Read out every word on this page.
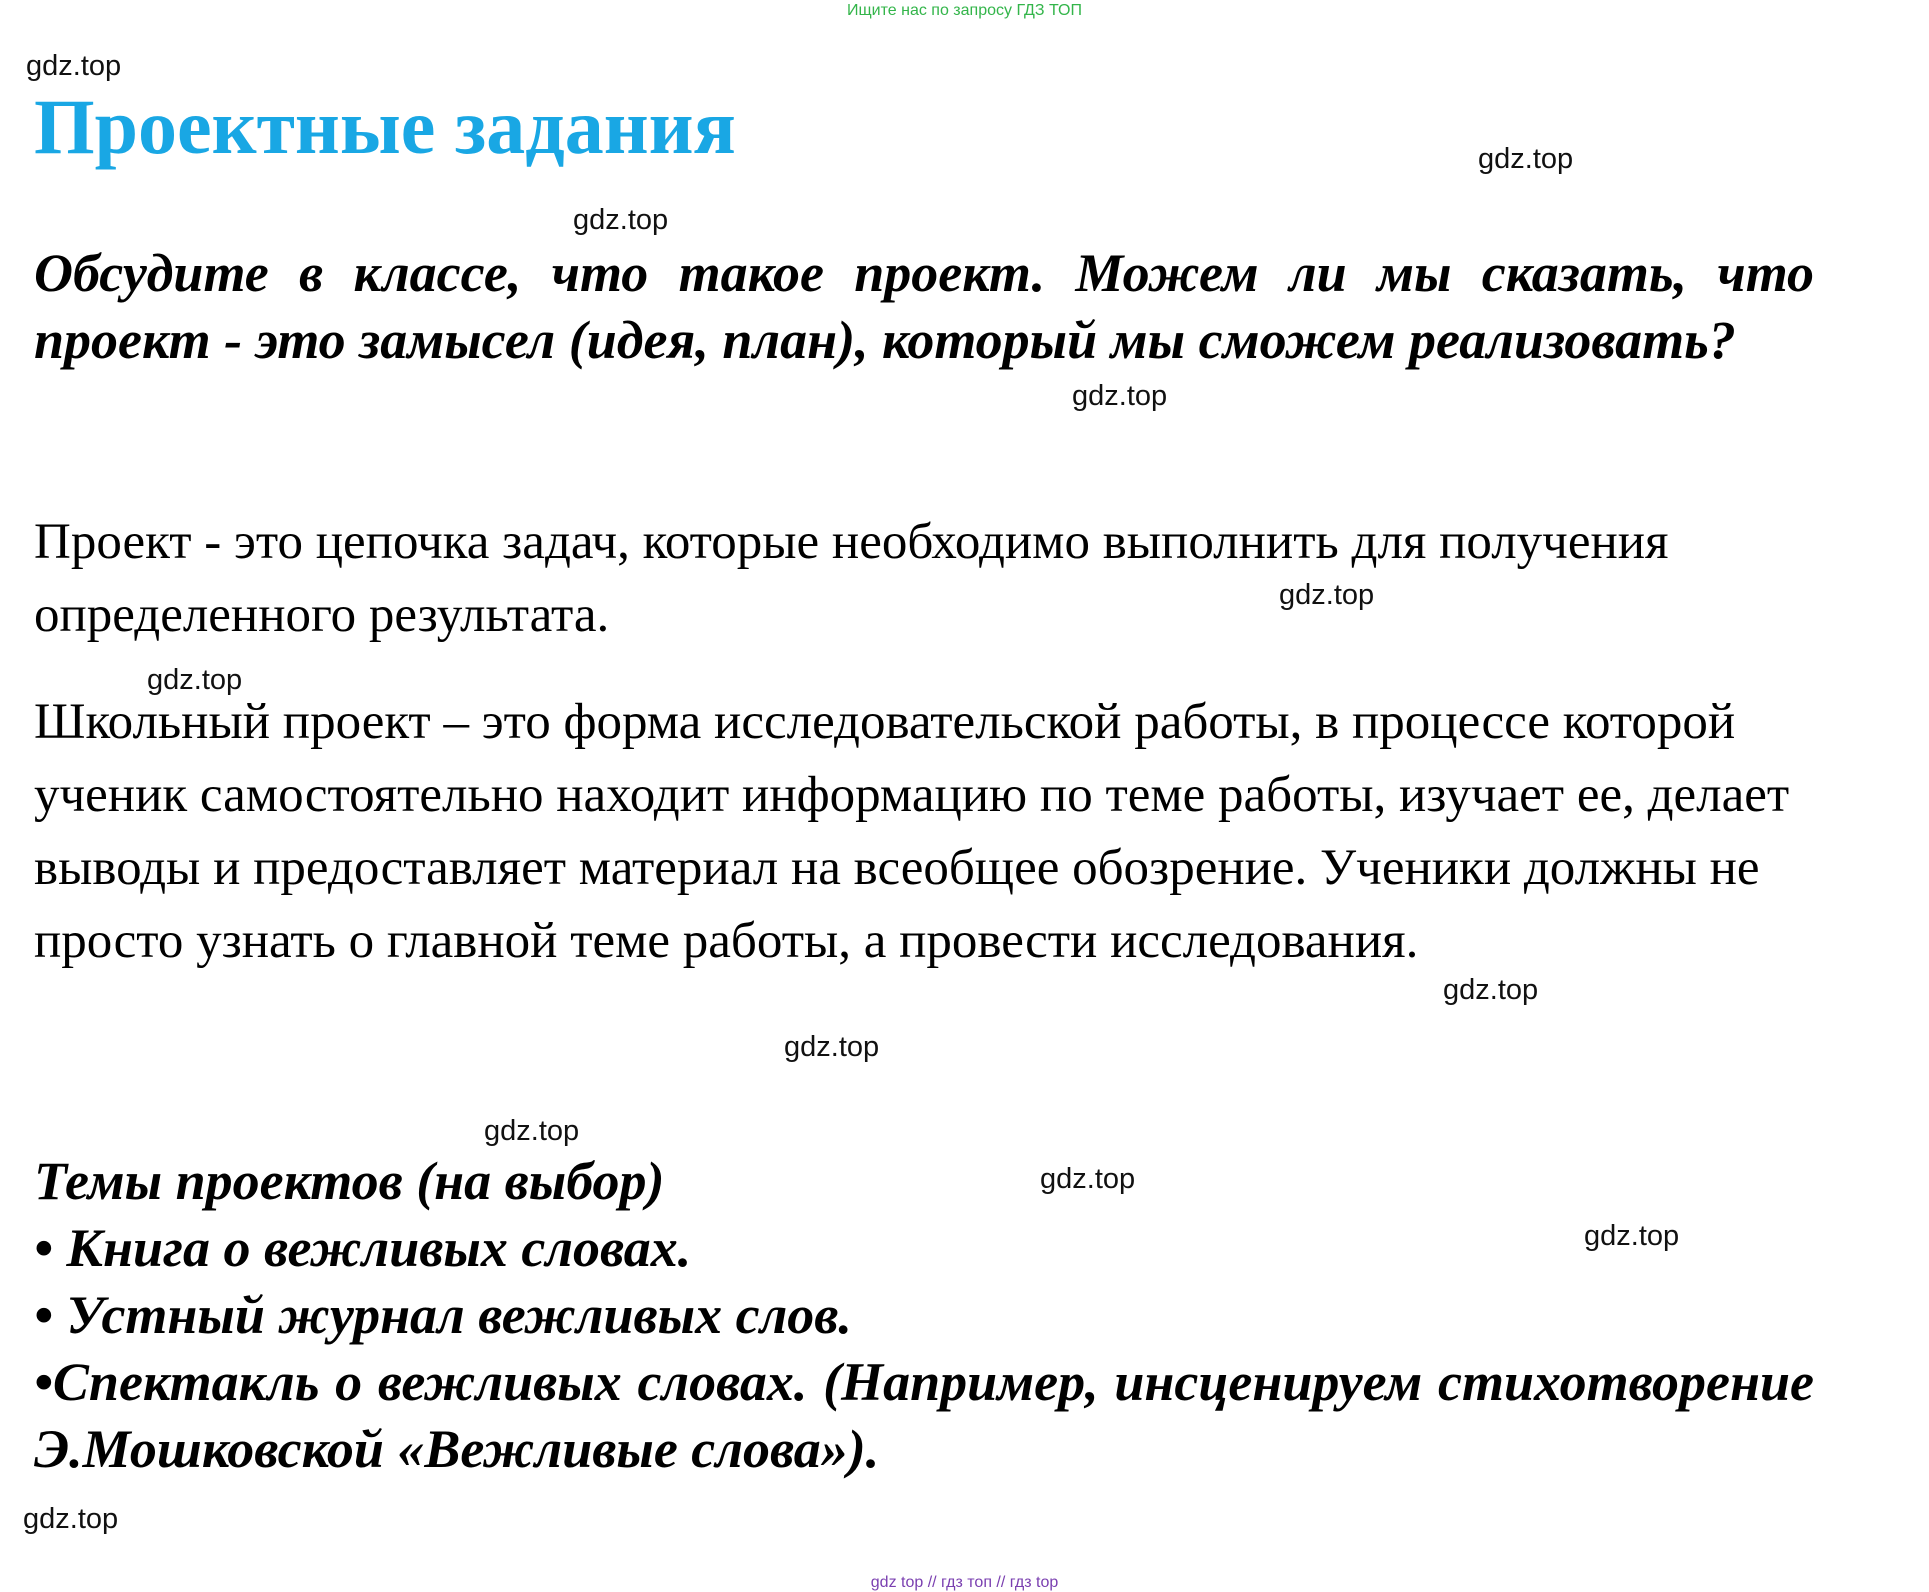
Ищите нас по запросу ГДЗ ТОП
gdz.top
gdz.top
gdz.top
gdz.top
gdz.top
gdz.top
gdz.top
gdz.top
gdz.top
gdz.top
gdz.top
gdz.top
Проектные задания

Обсудите в классе, что такое проект. Можем ли мы сказать, что проект - это замысел (идея, план), который мы сможем реализовать?

Проект - это цепочка задач, которые необходимо выполнить для получения определенного результата.

Школьный проект – это форма исследовательской работы, в процессе которой ученик самостоятельно находит информацию по теме работы, изучает ее, делает выводы и предоставляет материал на всеобщее обозрение. Ученики должны не просто узнать о главной теме работы, а провести исследования.

Темы проектов (на выбор)
• Книга о вежливых словах.
• Устный журнал вежливых слов.
•Спектакль о вежливых словах. (Например, инсценируем стихотворение Э.Мошковской «Вежливые слова»).
gdz top // гдз топ // гдз top
